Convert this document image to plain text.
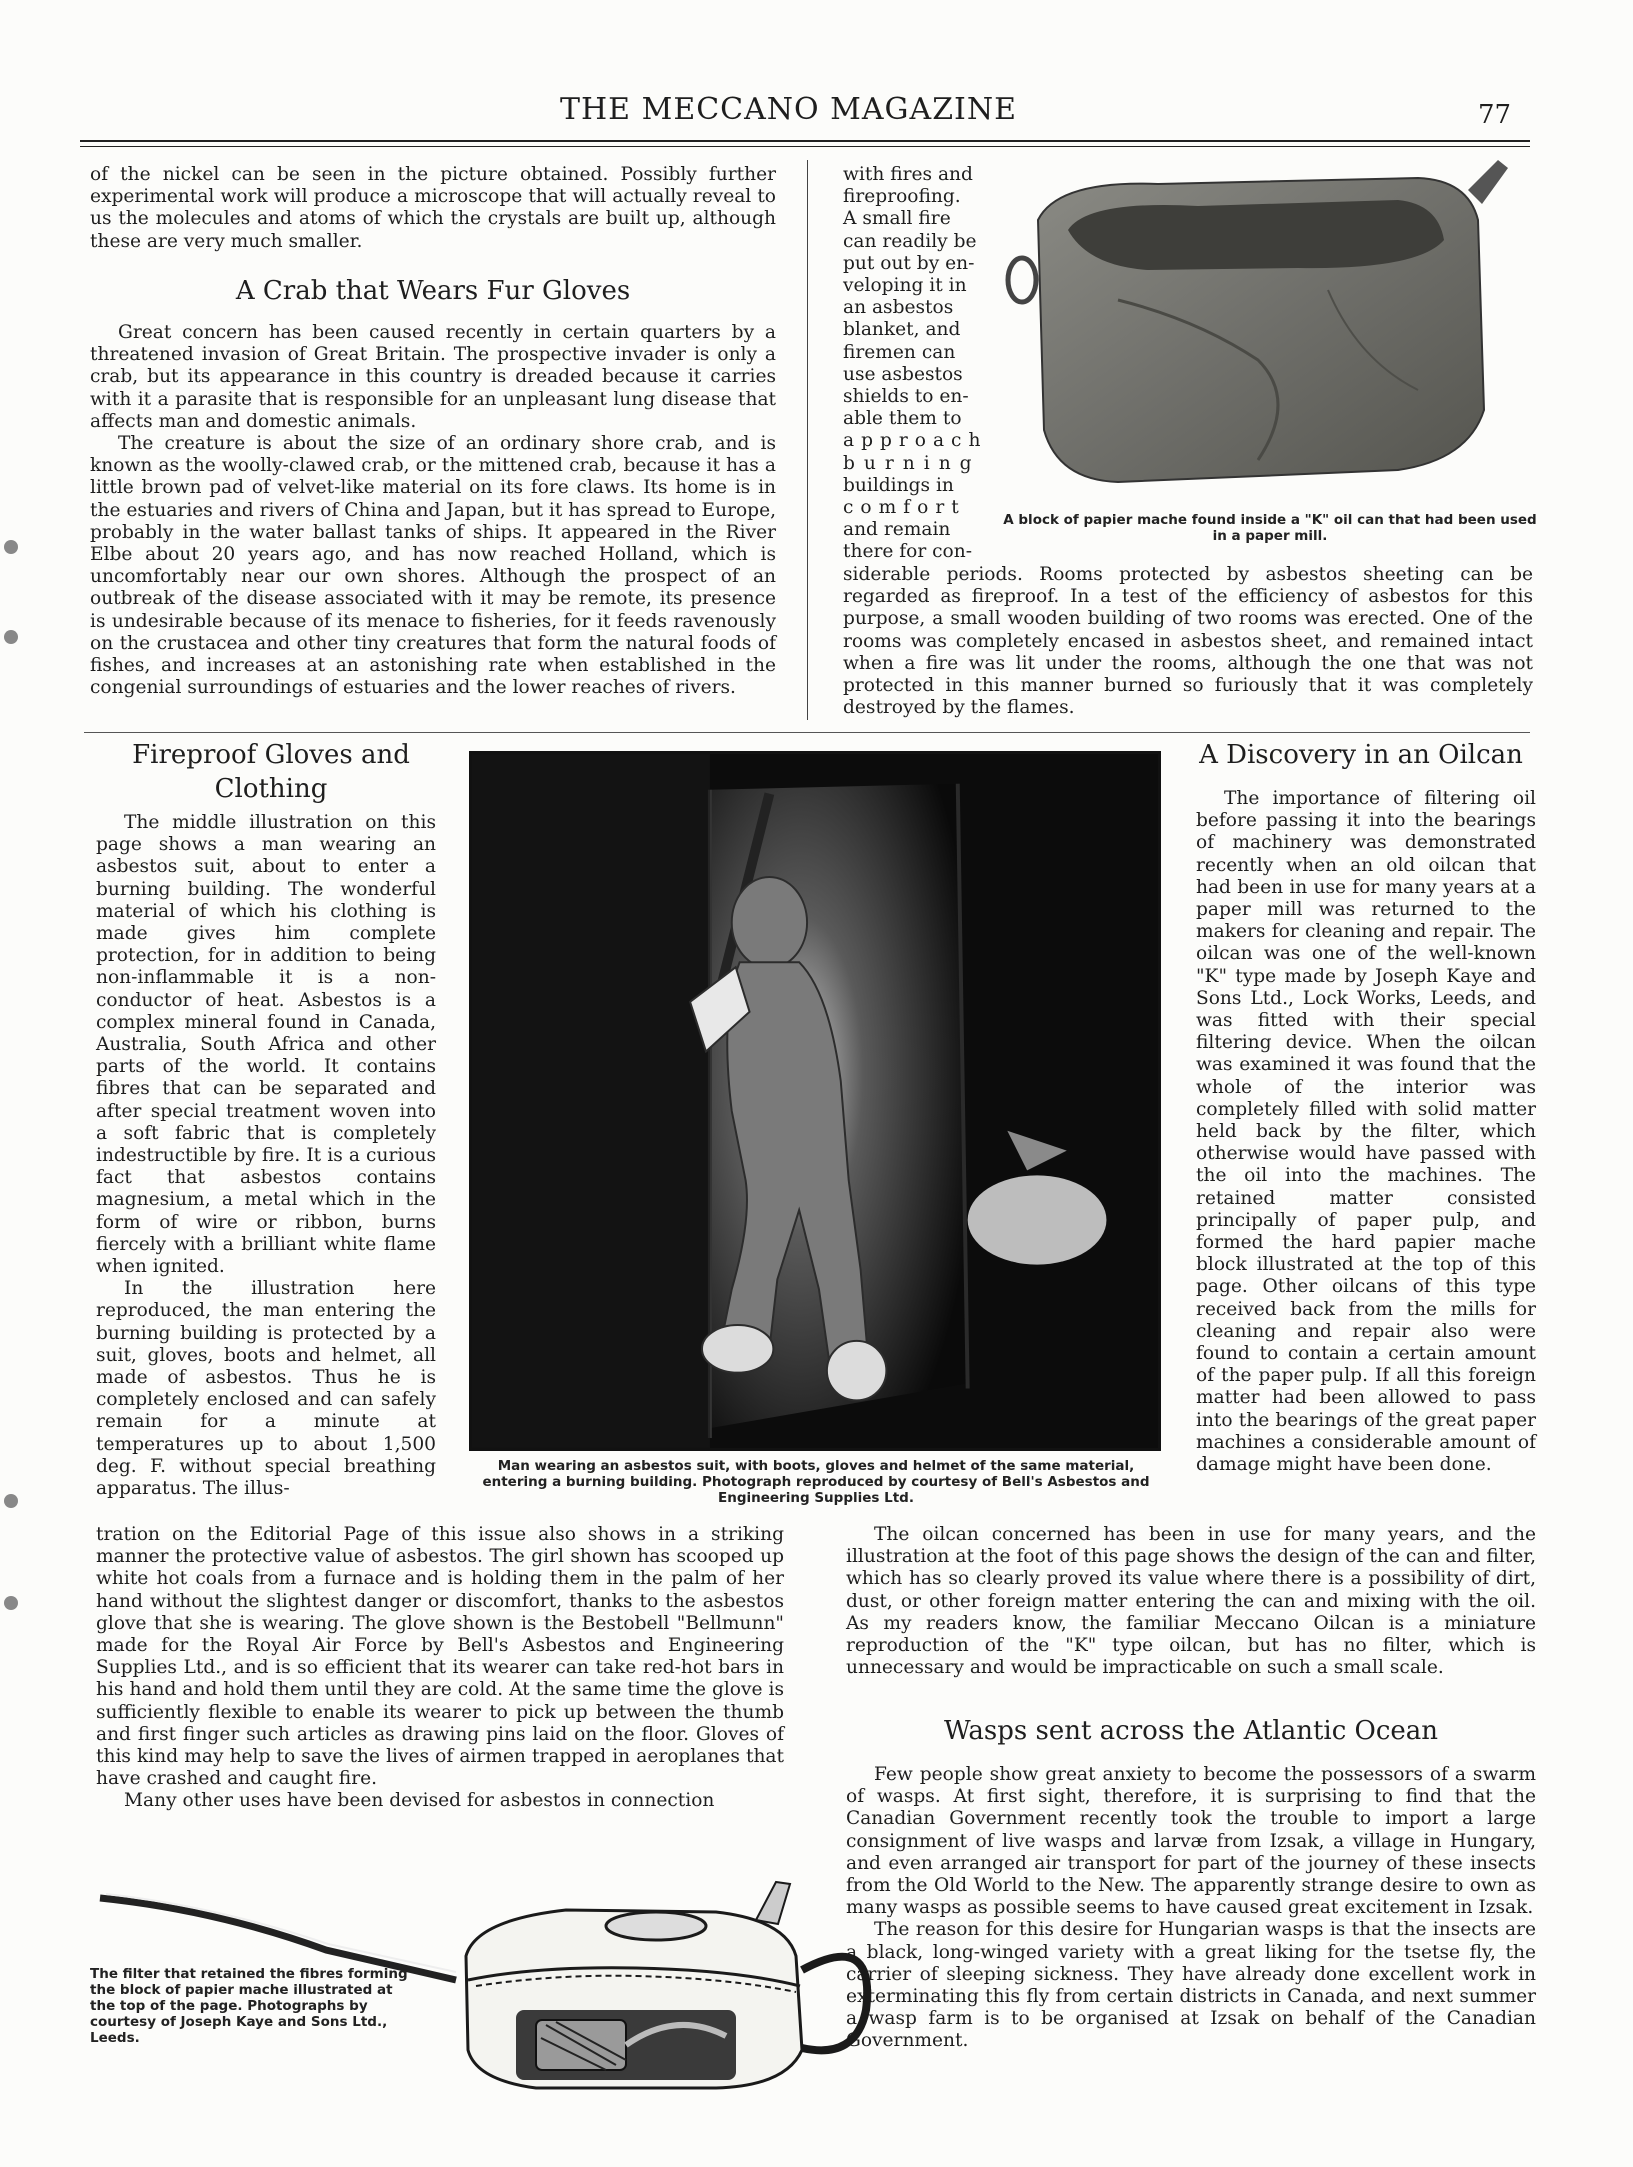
THE MECCANO MAGAZINE	77

of the nickel can be seen in the picture obtained. Possibly further experimental work will produce a microscope that will actually reveal to us the molecules and atoms of which the crystals are built up, although these are very much smaller.

A Crab that Wears Fur Gloves

Great concern has been caused recently in certain quarters by a threatened invasion of Great Britain. The prospective invader is only a crab, but its appearance in this country is dreaded because it carries with it a parasite that is responsible for an unpleasant lung disease that affects man and domestic animals.

The creature is about the size of an ordinary shore crab, and is known as the woolly-clawed crab, or the mittened crab, because it has a little brown pad of velvet-like material on its fore claws. Its home is in the estuaries and rivers of China and Japan, but it has spread to Europe, probably in the water ballast tanks of ships. It appeared in the River Elbe about 20 years ago, and has now reached Holland, which is uncomfortably near our own shores. Although the prospect of an outbreak of the disease associated with it may be remote, its presence is undesirable because of its menace to fisheries, for it feeds ravenously on the crustacea and other tiny creatures that form the natural foods of fishes, and increases at an astonishing rate when established in the congenial surroundings of estuaries and the lower reaches of rivers.

with fires and
fireproofing.
A small fire
can readily be
put out by en-
veloping it in
an asbestos
blanket, and
firemen can
use asbestos
shields to en-
able them to
approach
burning
buildings in
comfort
and remain
there for con-
A block of papier mache found inside a "K" oil can that had been used in a paper mill.

siderable periods. Rooms protected by asbestos sheeting can be regarded as fireproof. In a test of the efficiency of asbestos for this purpose, a small wooden building of two rooms was erected. One of the rooms was completely encased in asbestos sheet, and remained intact when a fire was lit under the rooms, although the one that was not protected in this manner burned so furiously that it was completely destroyed by the flames.

Fireproof Gloves and
Clothing

The middle illustration on this page shows a man wearing an asbestos suit, about to enter a burning building. The wonderful material of which his clothing is made gives him complete protection, for in addition to being non-inflammable it is a non-conductor of heat. Asbestos is a complex mineral found in Canada, Australia, South Africa and other parts of the world. It contains fibres that can be separated and after special treatment woven into a soft fabric that is completely indestructible by fire. It is a curious fact that asbestos contains magnesium, a metal which in the form of wire or ribbon, burns fiercely with a brilliant white flame when ignited.

In the illustration here reproduced, the man entering the burning building is protected by a suit, gloves, boots and helmet, all made of asbestos. Thus he is completely enclosed and can safely remain for a minute at temperatures up to about 1,500 deg. F. without special breathing apparatus. The illus-

Man wearing an asbestos suit, with boots, gloves and helmet of the same material, entering a burning building. Photograph reproduced by courtesy of Bell's Asbestos and Engineering Supplies Ltd.
A Discovery in an Oilcan

The importance of filtering oil before passing it into the bearings of machinery was demonstrated recently when an old oilcan that had been in use for many years at a paper mill was returned to the makers for cleaning and repair. The oilcan was one of the well-known "K" type made by Joseph Kaye and Sons Ltd., Lock Works, Leeds, and was fitted with their special filtering device. When the oilcan was examined it was found that the whole of the interior was completely filled with solid matter held back by the filter, which otherwise would have passed with the oil into the machines. The retained matter consisted principally of paper pulp, and formed the hard papier mache block illustrated at the top of this page. Other oilcans of this type received back from the mills for cleaning and repair also were found to contain a certain amount of the paper pulp. If all this foreign matter had been allowed to pass into the bearings of the great paper machines a considerable amount of damage might have been done.

tration on the Editorial Page of this issue also shows in a striking manner the protective value of asbestos. The girl shown has scooped up white hot coals from a furnace and is holding them in the palm of her hand without the slightest danger or discomfort, thanks to the asbestos glove that she is wearing. The glove shown is the Bestobell "Bellmunn" made for the Royal Air Force by Bell's Asbestos and Engineering Supplies Ltd., and is so efficient that its wearer can take red-hot bars in his hand and hold them until they are cold. At the same time the glove is sufficiently flexible to enable its wearer to pick up between the thumb and first finger such articles as drawing pins laid on the floor. Gloves of this kind may help to save the lives of airmen trapped in aeroplanes that have crashed and caught fire.

Many other uses have been devised for asbestos in connection

The oilcan concerned has been in use for many years, and the illustration at the foot of this page shows the design of the can and filter, which has so clearly proved its value where there is a possibility of dirt, dust, or other foreign matter entering the can and mixing with the oil. As my readers know, the familiar Meccano Oilcan is a miniature reproduction of the "K" type oilcan, but has no filter, which is unnecessary and would be impracticable on such a small scale.

Wasps sent across the Atlantic Ocean

Few people show great anxiety to become the possessors of a swarm of wasps. At first sight, therefore, it is surprising to find that the Canadian Government recently took the trouble to import a large consignment of live wasps and larvæ from Izsak, a village in Hungary, and even arranged air transport for part of the journey of these insects from the Old World to the New. The apparently strange desire to own as many wasps as possible seems to have caused great excitement in Izsak.

The reason for this desire for Hungarian wasps is that the insects are a black, long-winged variety with a great liking for the tsetse fly, the carrier of sleeping sickness. They have already done excellent work in exterminating this fly from certain districts in Canada, and next summer a wasp farm is to be organised at Izsak on behalf of the Canadian Government.

The filter that retained the fibres forming the block of papier mache illustrated at the top of the page. Photographs by courtesy of Joseph Kaye and Sons Ltd., Leeds.
